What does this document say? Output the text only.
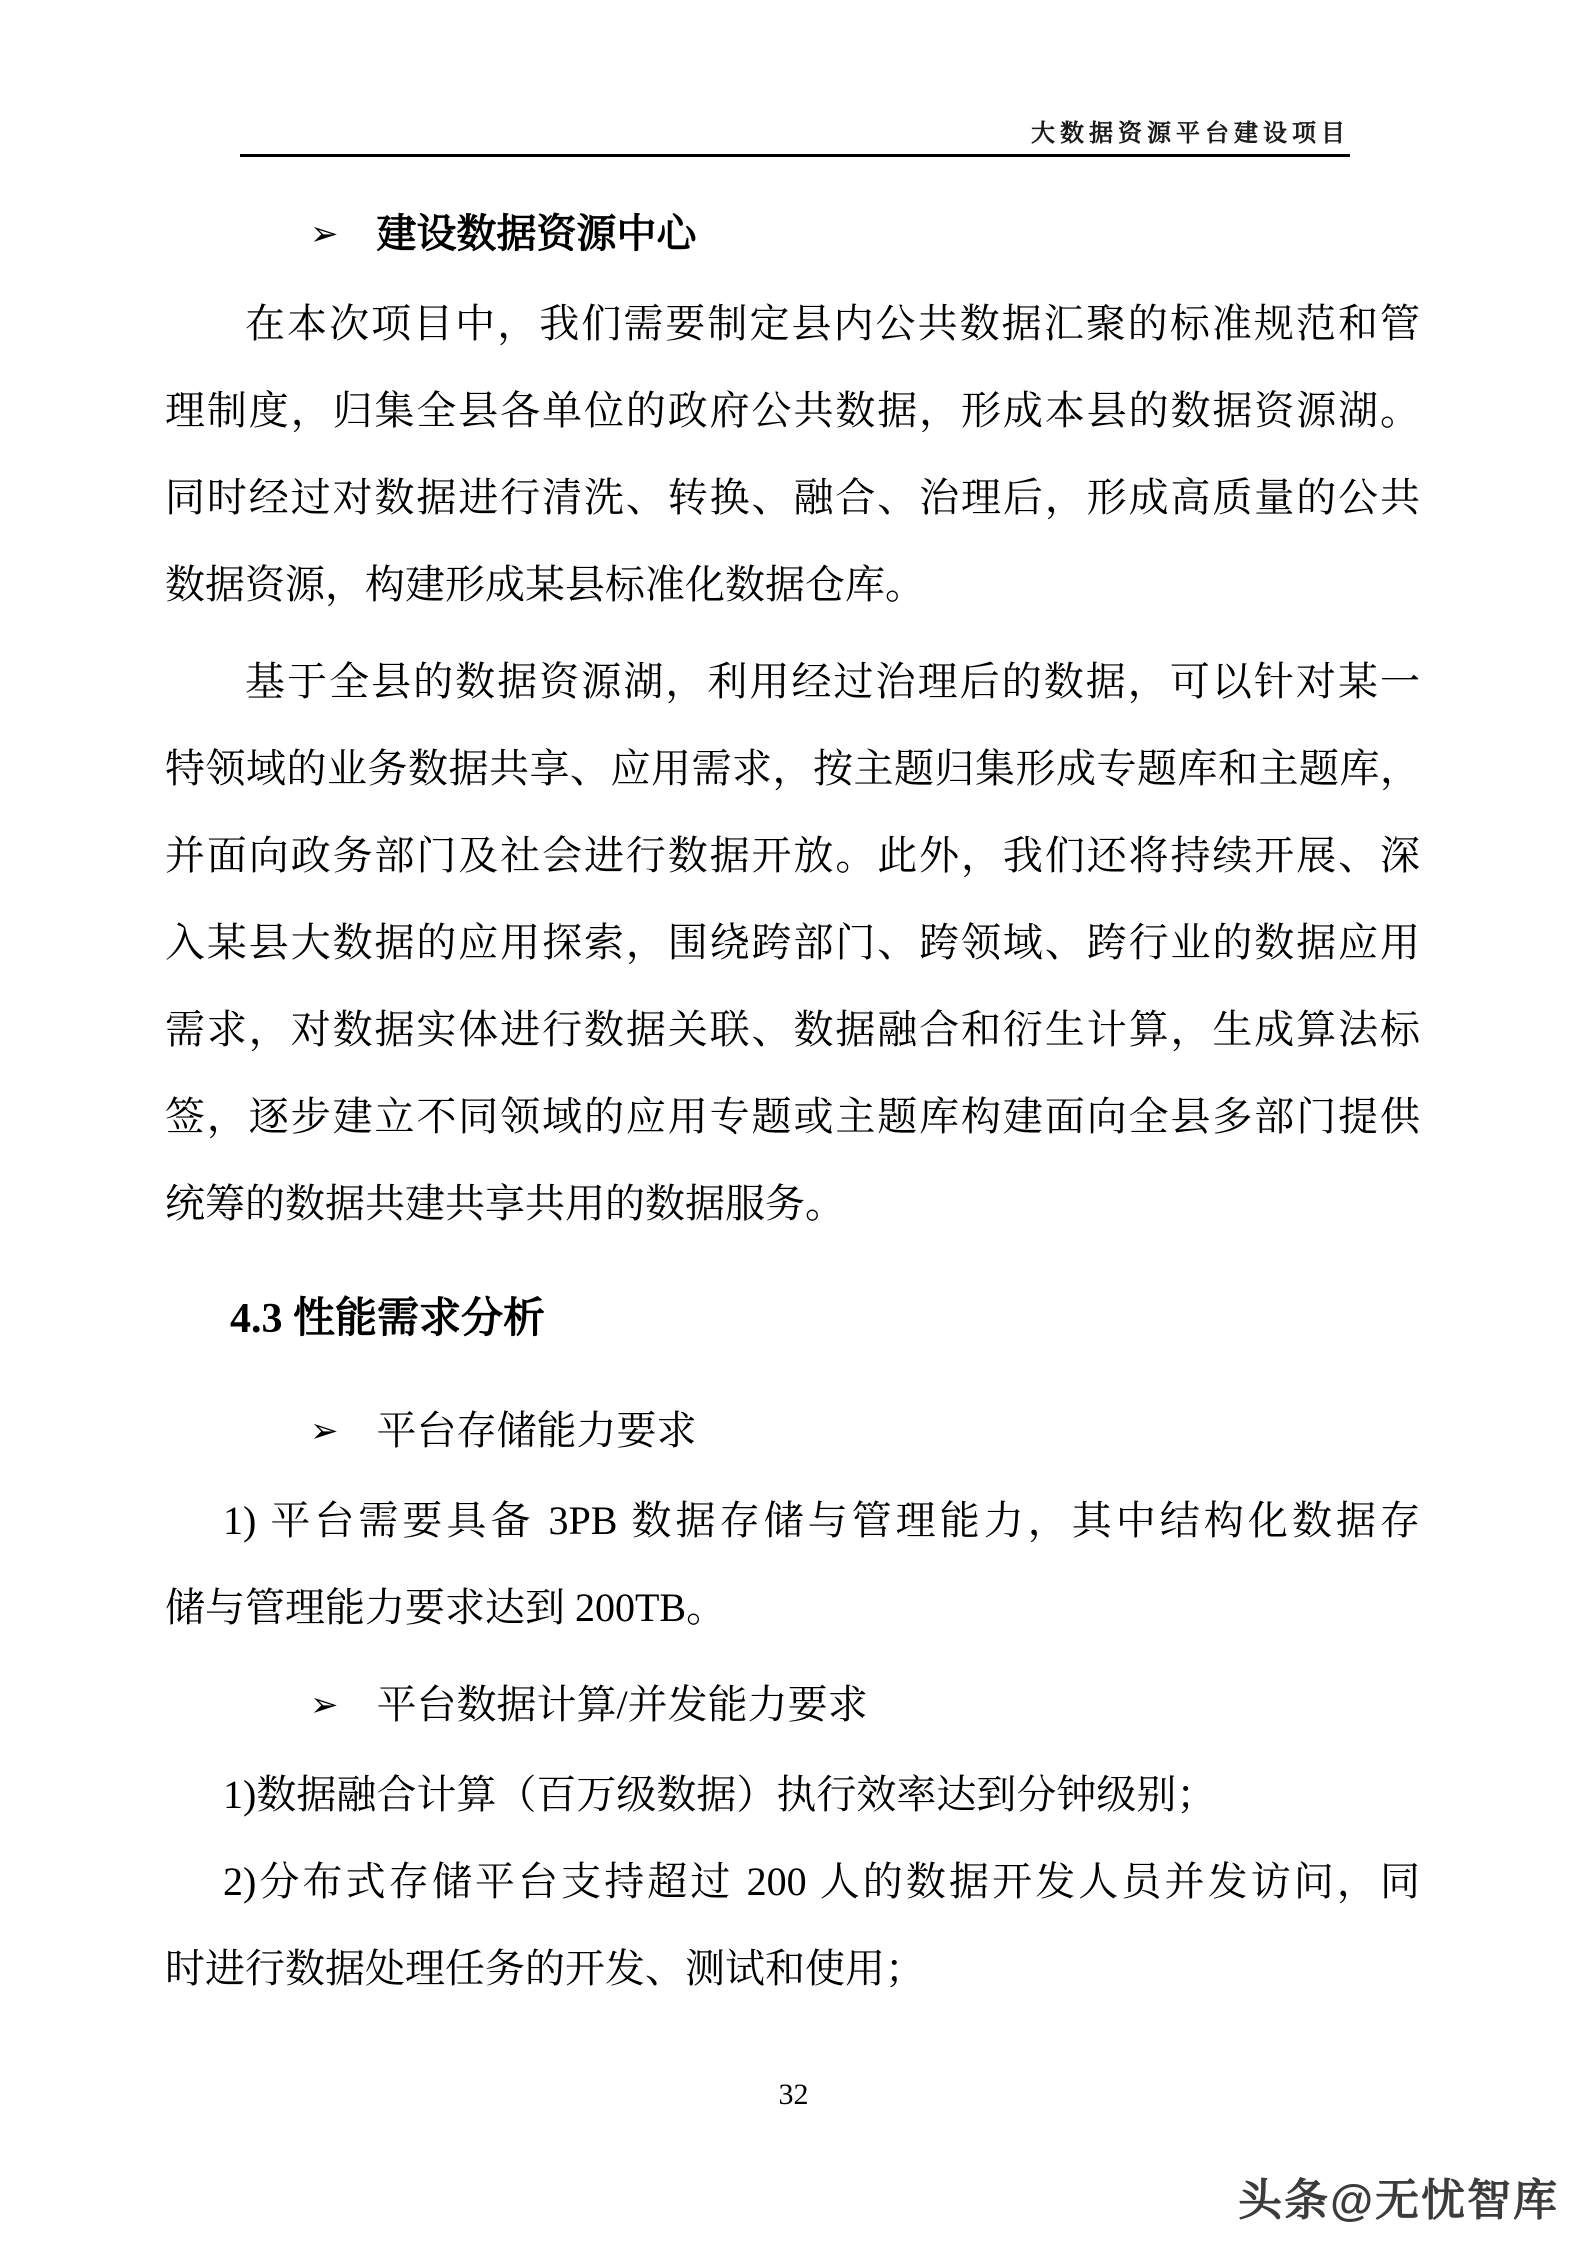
大数据资源平台建设项目
➢ 建设数据资源中心
在本次项目中，我们需要制定县内公共数据汇聚的标准规范和管
理制度，归集全县各单位的政府公共数据，形成本县的数据资源湖。
同时经过对数据进行清洗、转换、融合、治理后，形成高质量的公共
数据资源，构建形成某县标准化数据仓库。
基于全县的数据资源湖，利用经过治理后的数据，可以针对某一
特领域的业务数据共享、应用需求，按主题归集形成专题库和主题库，
并面向政务部门及社会进行数据开放。此外，我们还将持续开展、深
入某县大数据的应用探索，围绕跨部门、跨领域、跨行业的数据应用
需求，对数据实体进行数据关联、数据融合和衍生计算，生成算法标
签，逐步建立不同领域的应用专题或主题库构建面向全县多部门提供
统筹的数据共建共享共用的数据服务。
4.3 性能需求分析
➢ 平台存储能力要求
1) 平台需要具备 3PB 数据存储与管理能力，其中结构化数据存
储与管理能力要求达到 200TB。
➢ 平台数据计算/并发能力要求
1)数据融合计算（百万级数据）执行效率达到分钟级别；
2)分布式存储平台支持超过 200 人的数据开发人员并发访问，同
时进行数据处理任务的开发、测试和使用；
32
头条@无忧智库
